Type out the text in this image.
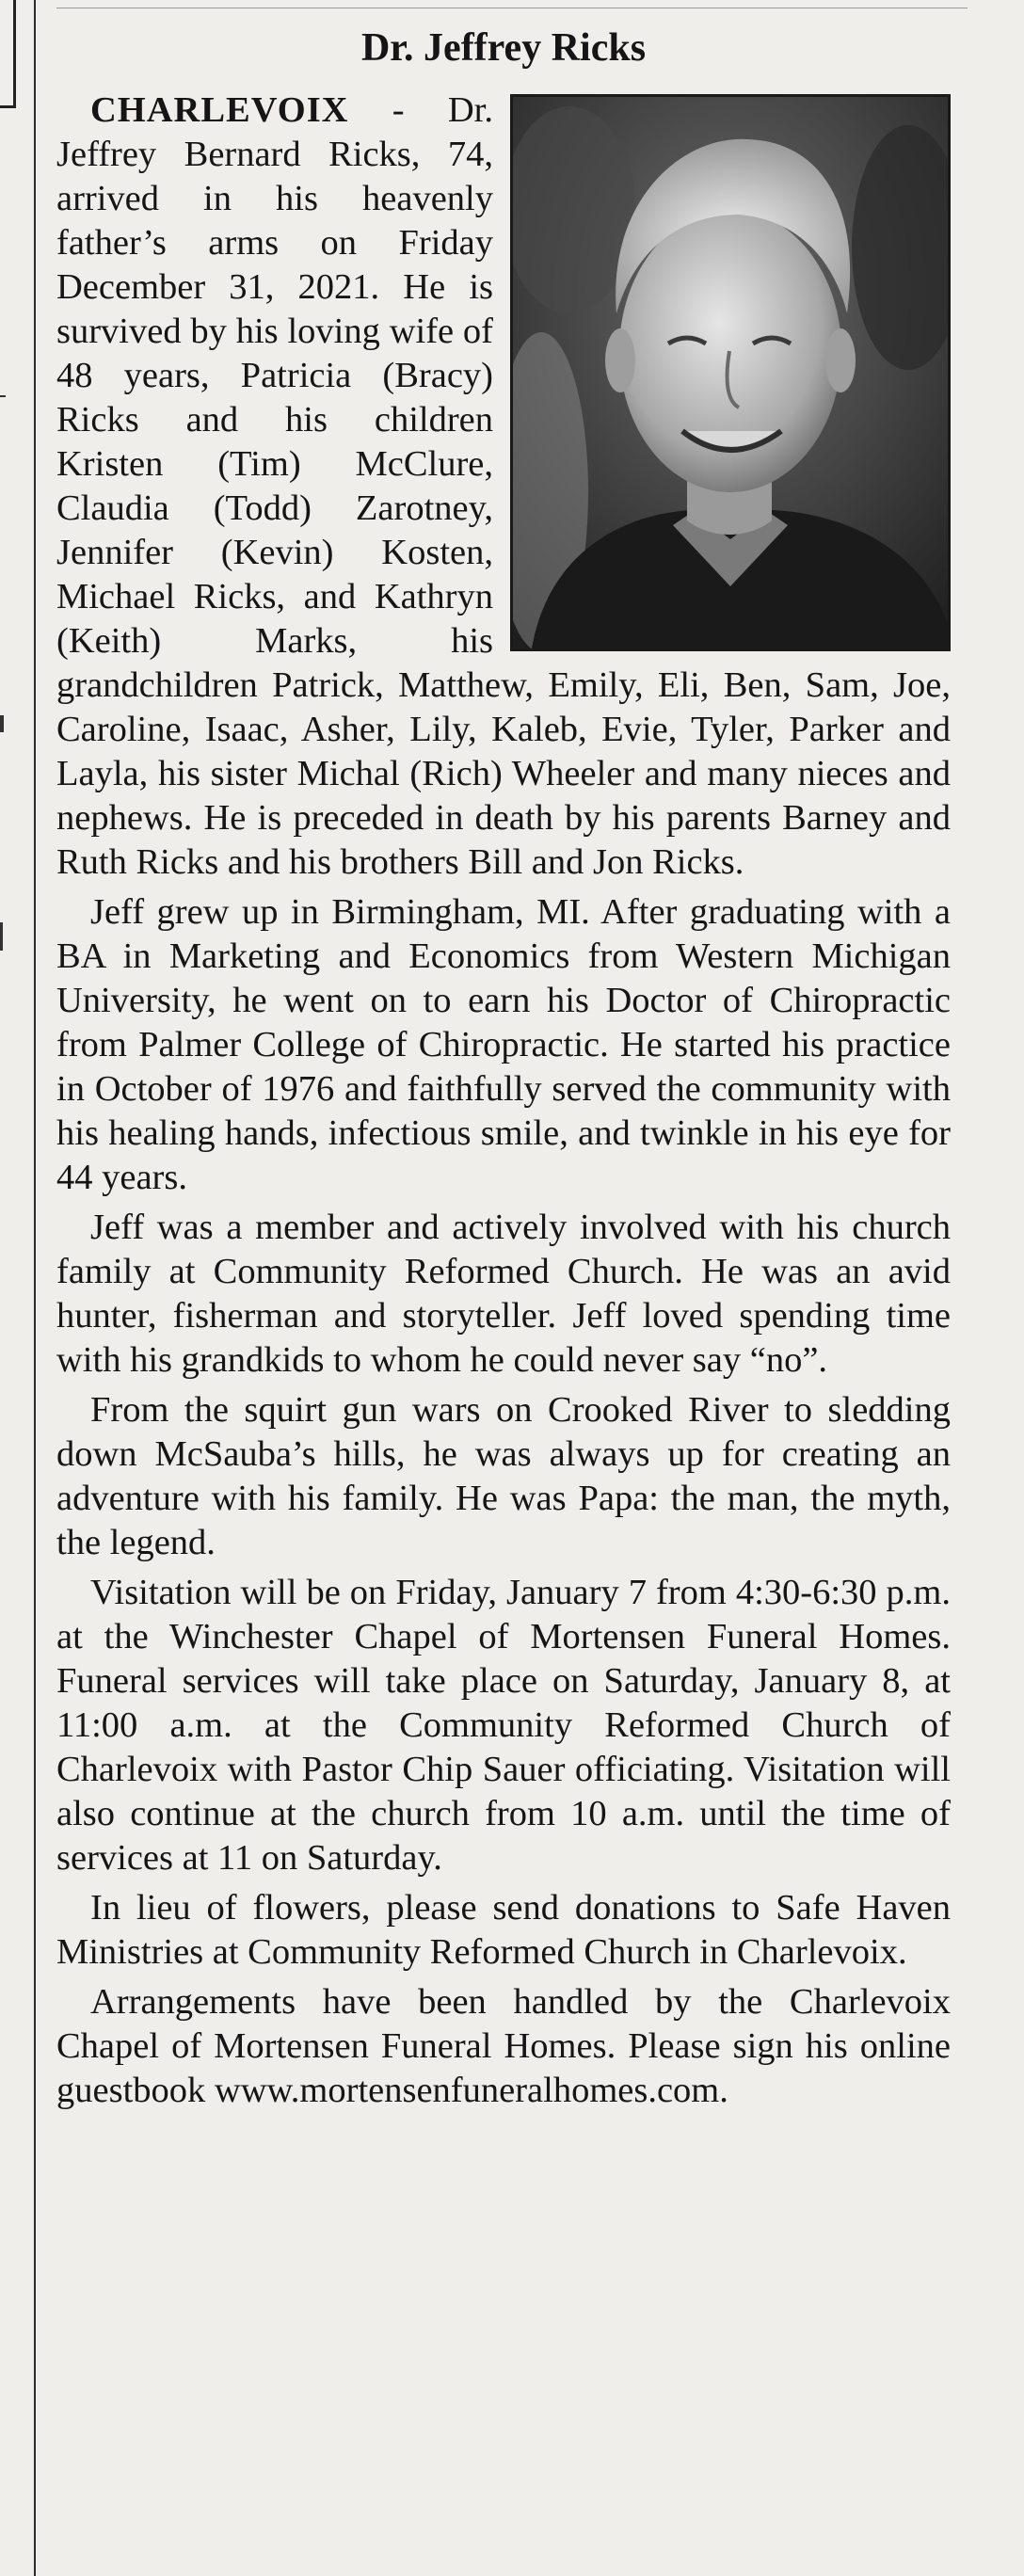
Dr. Jeffrey Ricks

CHARLEVOIX - Dr. Jeffrey Bernard Ricks, 74, arrived in his heavenly father’s arms on Friday December 31, 2021. He is survived by his loving wife of 48 years, Patricia (Bracy) Ricks and his children Kristen (Tim) McClure, Claudia (Todd) Zarotney, Jennifer (Kevin) Kosten, Michael Ricks, and Kathryn (Keith) Marks, his grandchildren Patrick, Matthew, Emily, Eli, Ben, Sam, Joe, Caroline, Isaac, Asher, Lily, Kaleb, Evie, Tyler, Parker and Layla, his sister Michal (Rich) Wheeler and many nieces and nephews. He is preceded in death by his parents Barney and Ruth Ricks and his brothers Bill and Jon Ricks.

Jeff grew up in Birmingham, MI. After graduating with a BA in Marketing and Economics from Western Michigan University, he went on to earn his Doctor of Chiropractic from Palmer College of Chiropractic. He started his practice in October of 1976 and faithfully served the community with his healing hands, infectious smile, and twinkle in his eye for 44 years.

Jeff was a member and actively involved with his church family at Community Reformed Church. He was an avid hunter, fisherman and storyteller. Jeff loved spending time with his grandkids to whom he could never say “no”.

From the squirt gun wars on Crooked River to sledding down McSauba’s hills, he was always up for creating an adventure with his family. He was Papa: the man, the myth, the legend.

Visitation will be on Friday, January 7 from 4:30-6:30 p.m. at the Winchester Chapel of Mortensen Funeral Homes. Funeral services will take place on Saturday, January 8, at 11:00 a.m. at the Community Reformed Church of Charlevoix with Pastor Chip Sauer officiating. Visitation will also continue at the church from 10 a.m. until the time of services at 11 on Saturday.

In lieu of flowers, please send donations to Safe Haven Ministries at Community Reformed Church in Charlevoix.

Arrangements have been handled by the Charlevoix Chapel of Mortensen Funeral Homes. Please sign his online guestbook www.mortensenfuneralhomes.com.
